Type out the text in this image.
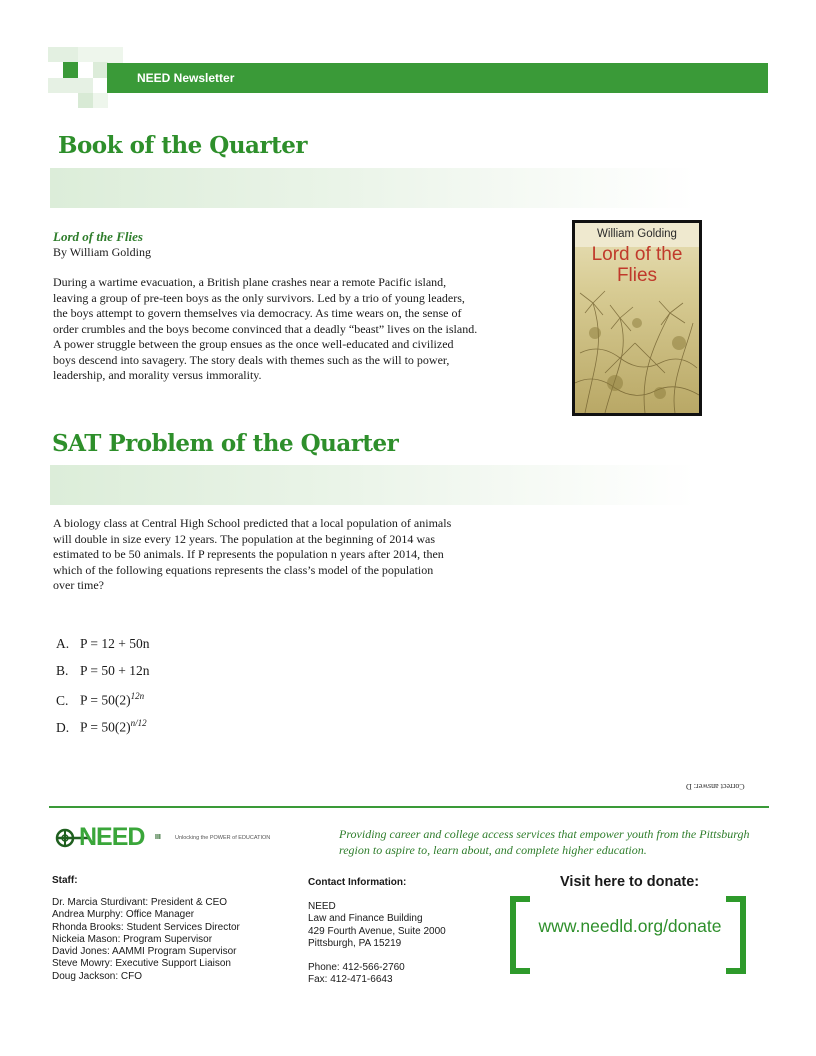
NEED Newsletter
Book of the Quarter
Lord of the Flies
By William Golding
During a wartime evacuation, a British plane crashes near a remote Pacific island,
leaving a group of pre-teen boys as the only survivors. Led by a trio of young leaders,
the boys attempt to govern themselves via democracy. As time wears on, the sense of
order crumbles and the boys become convinced that a deadly “beast” lives on the island.
A power struggle between the group ensues as the once well-educated and civilized
boys descend into savagery. The story deals with themes such as the will to power,
leadership, and morality versus immorality.
William Golding
Lord of the
Flies
SAT Problem of the Quarter
A biology class at Central High School predicted that a local population of animals
will double in size every 12 years. The population at the beginning of 2014 was
estimated to be 50 animals. If P represents the population n years after 2014, then
which of the following equations represents the class’s model of the population
over time?
A. P = 12 + 50n
B. P = 50 + 12n
C. $P = 50(2)^{12n}$
D. $P = 50(2)^{n/12}$
Correct answer: D
NEED III	Unlocking the POWER of EDUCATION	Providing career and college access services that empower youth from the Pittsburgh region to aspire to, learn about, and complete higher education.
Staff:
Dr. Marcia Sturdivant: President & CEO
Andrea Murphy: Office Manager
Rhonda Brooks: Student Services Director
Nickeia Mason: Program Supervisor
David Jones: AAMMI Program Supervisor
Steve Mowry: Executive Support Liaison
Doug Jackson: CFO
Contact Information:
NEED
Law and Finance Building
429 Fourth Avenue, Suite 2000
Pittsburgh, PA 15219
Phone: 412-566-2760
Fax: 412-471-6643
Visit here to donate:
www.needld.org/donate
